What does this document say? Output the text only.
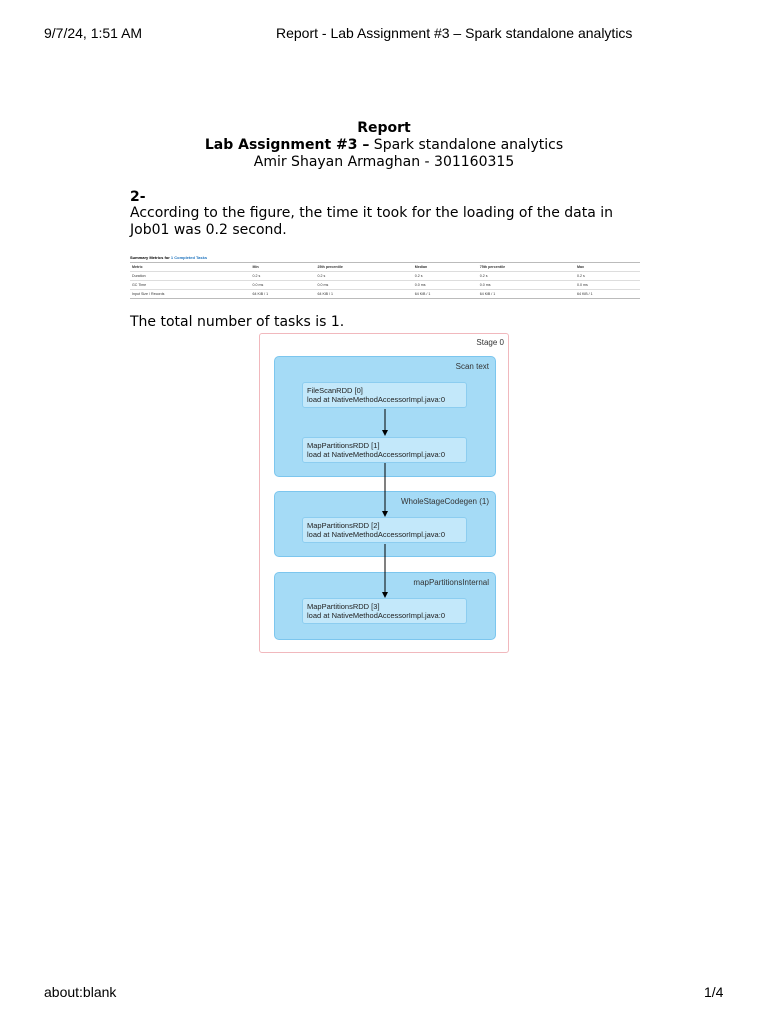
9/7/24, 1:51 AM	Report - Lab Assignment #3 – Spark standalone analytics
Report
Lab Assignment #3 – Spark standalone analytics
Amir Shayan Armaghan - 301160315
2-
According to the figure, the time it took for the loading of the data in Job01 was 0.2 second.
Summary Metrics for 1 Completed Tasks
Metric	Min	25th percentile	Median	75th percentile	Max
Duration	0.2 s	0.2 s	0.2 s	0.2 s	0.2 s
GC Time	0.0 ms	0.0 ms	0.0 ms	0.0 ms	0.0 ms
Input Size / Records	64 KiB / 1	64 KiB / 1	64 KiB / 1	64 KiB / 1	64 KiB / 1
The total number of tasks is 1.
Stage 0
Scan text
FileScanRDD [0]
load at NativeMethodAccessorImpl.java:0
MapPartitionsRDD [1]
load at NativeMethodAccessorImpl.java:0
WholeStageCodegen (1)
MapPartitionsRDD [2]
load at NativeMethodAccessorImpl.java:0
mapPartitionsInternal
MapPartitionsRDD [3]
load at NativeMethodAccessorImpl.java:0
about:blank	1/4
